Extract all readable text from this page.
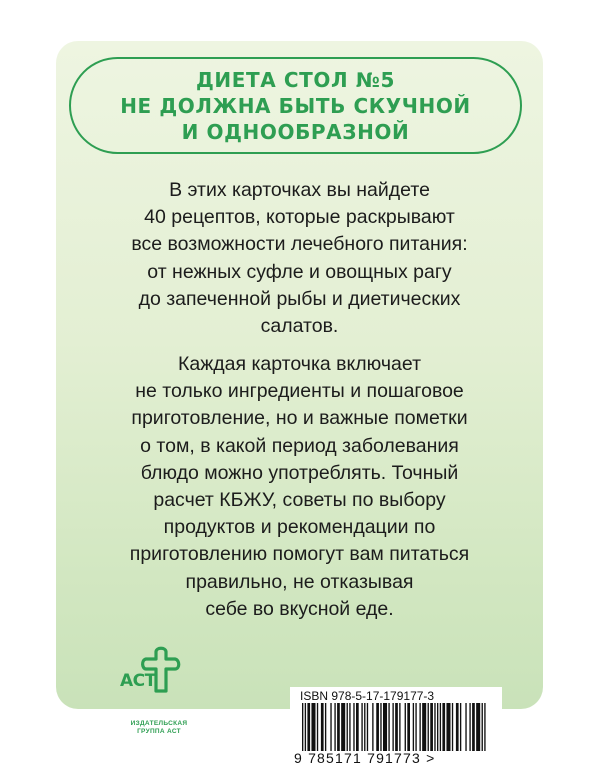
ДИЕТА СТОЛ №5
НЕ ДОЛЖНА БЫТЬ СКУЧНОЙ
И ОДНООБРАЗНОЙ
В этих карточках вы найдете
40 рецептов, которые раскрывают
все возможности лечебного питания:
от нежных суфле и овощных рагу
до запеченной рыбы и диетических
салатов.
Каждая карточка включает
не только ингредиенты и пошаговое
приготовление, но и важные пометки
о том, в какой период заболевания
блюдо можно употреблять. Точный
расчет КБЖУ, советы по выбору
продуктов и рекомендации по
приготовлению помогут вам питаться
правильно, не отказывая
себе во вкусной еде.
АСТ
ИЗДАТЕЛЬСКАЯ
ГРУППА АСТ
ISBN 978-5-17-179177-3
9 785171 791773 >
